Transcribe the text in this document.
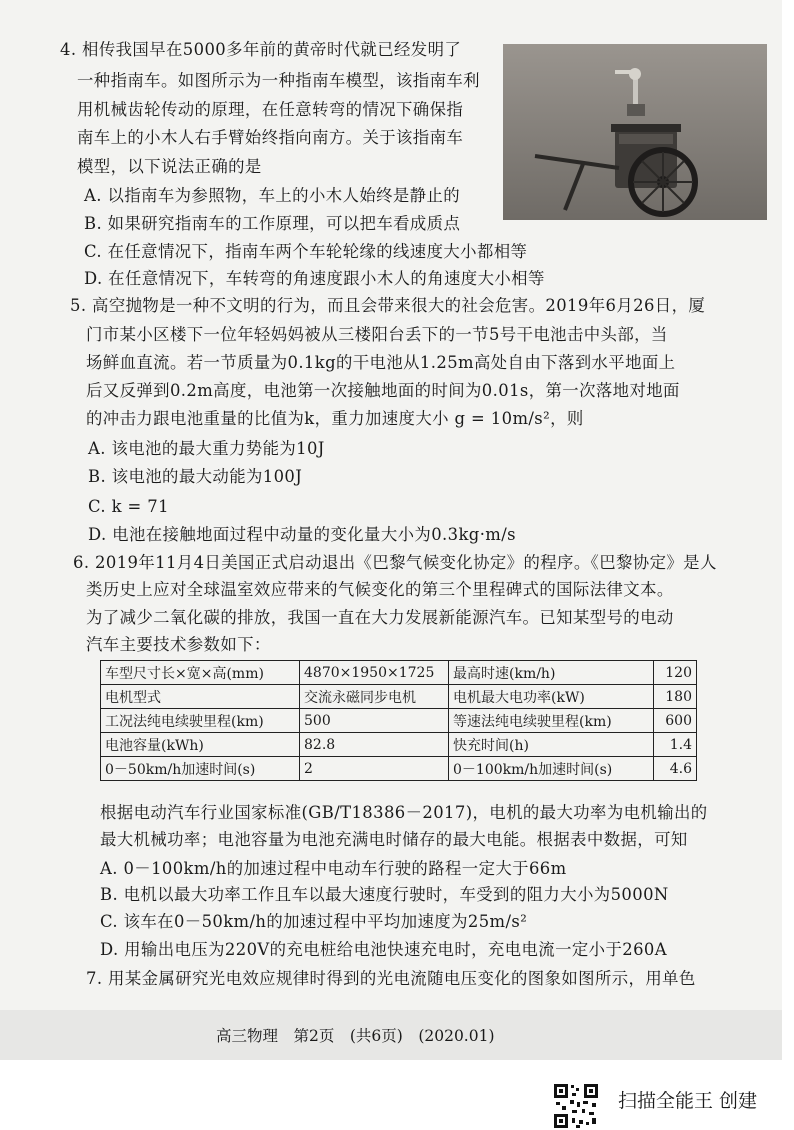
4. 相传我国早在5000多年前的黄帝时代就已经发明了
一种指南车。如图所示为一种指南车模型，该指南车利
用机械齿轮传动的原理，在任意转弯的情况下确保指
南车上的小木人右手臂始终指向南方。关于该指南车
模型，以下说法正确的是
A. 以指南车为参照物，车上的小木人始终是静止的
B. 如果研究指南车的工作原理，可以把车看成质点
C. 在任意情况下，指南车两个车轮轮缘的线速度大小都相等
D. 在任意情况下，车转弯的角速度跟小木人的角速度大小相等
5. 高空抛物是一种不文明的行为，而且会带来很大的社会危害。2019年6月26日，厦
门市某小区楼下一位年轻妈妈被从三楼阳台丢下的一节5号干电池击中头部，当
场鲜血直流。若一节质量为0.1kg的干电池从1.25m高处自由下落到水平地面上
后又反弹到0.2m高度，电池第一次接触地面的时间为0.01s，第一次落地对地面
的冲击力跟电池重量的比值为k，重力加速度大小 g = 10m/s²，则
A. 该电池的最大重力势能为10J
B. 该电池的最大动能为100J
C. k = 71
D. 电池在接触地面过程中动量的变化量大小为0.3kg·m/s
6. 2019年11月4日美国正式启动退出《巴黎气候变化协定》的程序。《巴黎协定》是人
类历史上应对全球温室效应带来的气候变化的第三个里程碑式的国际法律文本。
为了减少二氧化碳的排放，我国一直在大力发展新能源汽车。已知某型号的电动
汽车主要技术参数如下：
车型尺寸长×宽×高(mm)	4870×1950×1725	最高时速(km/h)	120
电机型式	交流永磁同步电机	电机最大电功率(kW)	180
工况法纯电续驶里程(km)	500	等速法纯电续驶里程(km)	600
电池容量(kWh)	82.8	快充时间(h)	1.4
0－50km/h加速时间(s)	2	0－100km/h加速时间(s)	4.6
根据电动汽车行业国家标准(GB/T18386－2017)，电机的最大功率为电机输出的
最大机械功率；电池容量为电池充满电时储存的最大电能。根据表中数据，可知
A. 0－100km/h的加速过程中电动车行驶的路程一定大于66m
B. 电机以最大功率工作且车以最大速度行驶时，车受到的阻力大小为5000N
C. 该车在0－50km/h的加速过程中平均加速度为25m/s²
D. 用输出电压为220V的充电桩给电池快速充电时，充电电流一定小于260A
7. 用某金属研究光电效应规律时得到的光电流随电压变化的图象如图所示，用单色
高三物理　第2页　(共6页)　(2020.01)
扫描全能王 创建
